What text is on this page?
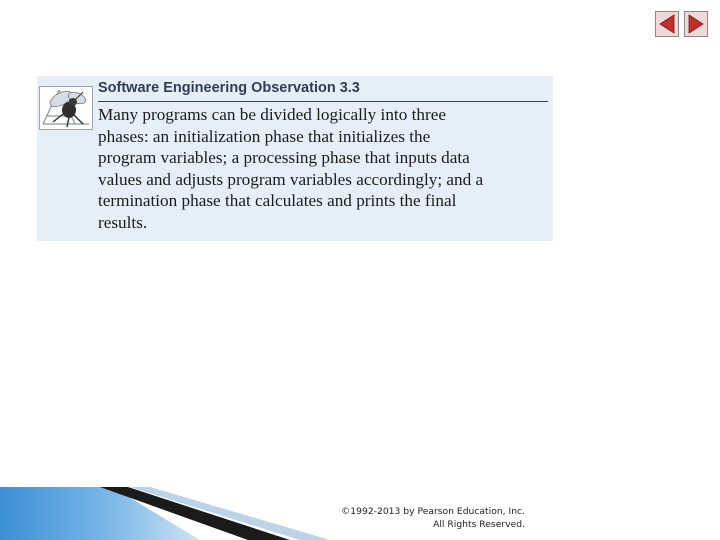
Software Engineering Observation 3.3

Many programs can be divided logically into three
phases: an initialization phase that initializes the
program variables; a processing phase that inputs data
values and adjusts program variables accordingly; and a
termination phase that calculates and prints the final
results.

©1992-2013 by Pearson Education, Inc.
All Rights Reserved.
